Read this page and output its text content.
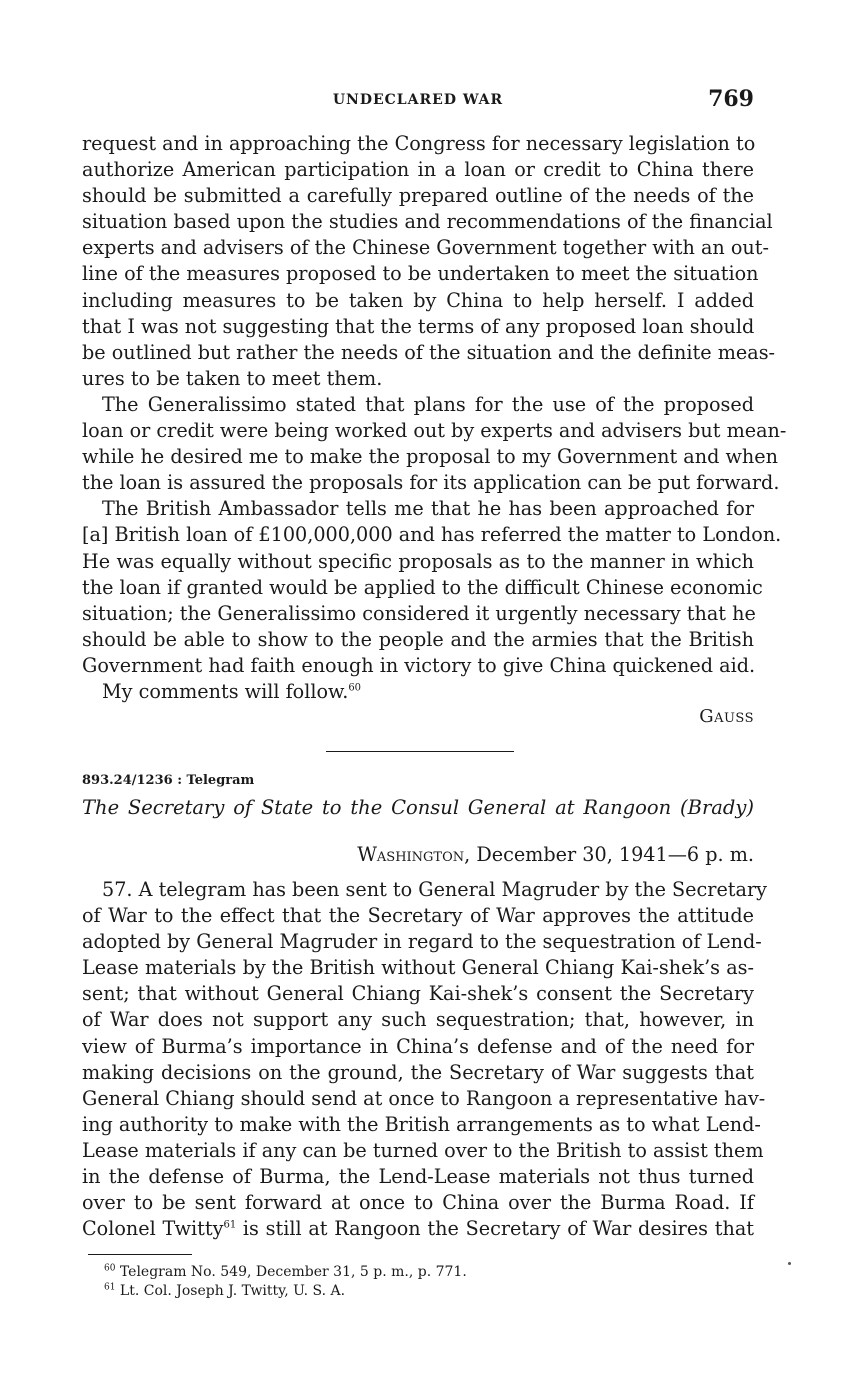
UNDECLARED WAR	769
request and in approaching the Congress for necessary legislation to
authorize American participation in a loan or credit to China there
should be submitted a carefully prepared outline of the needs of the
situation based upon the studies and recommendations of the financial
experts and advisers of the Chinese Government together with an out-
line of the measures proposed to be undertaken to meet the situation
including measures to be taken by China to help herself. I added
that I was not suggesting that the terms of any proposed loan should
be outlined but rather the needs of the situation and the definite meas-
ures to be taken to meet them.
The Generalissimo stated that plans for the use of the proposed
loan or credit were being worked out by experts and advisers but mean-
while he desired me to make the proposal to my Government and when
the loan is assured the proposals for its application can be put forward.
The British Ambassador tells me that he has been approached for
[a] British loan of £100,000,000 and has referred the matter to London.
He was equally without specific proposals as to the manner in which
the loan if granted would be applied to the difficult Chinese economic
situation; the Generalissimo considered it urgently necessary that he
should be able to show to the people and the armies that the British
Government had faith enough in victory to give China quickened aid.
My comments will follow.$^{60}$
Gauss
893.24/1236 : Telegram
The Secretary of State to the Consul General at Rangoon (Brady)
Washington, December 30, 1941—6 p. m.
57. A telegram has been sent to General Magruder by the Secretary
of War to the effect that the Secretary of War approves the attitude
adopted by General Magruder in regard to the sequestration of Lend-
Lease materials by the British without General Chiang Kai-shek’s as-
sent; that without General Chiang Kai-shek’s consent the Secretary
of War does not support any such sequestration; that, however, in
view of Burma’s importance in China’s defense and of the need for
making decisions on the ground, the Secretary of War suggests that
General Chiang should send at once to Rangoon a representative hav-
ing authority to make with the British arrangements as to what Lend-
Lease materials if any can be turned over to the British to assist them
in the defense of Burma, the Lend-Lease materials not thus turned
over to be sent forward at once to China over the Burma Road. If
Colonel Twitty$^{61}$ is still at Rangoon the Secretary of War desires that
$^{60}$ Telegram No. 549, December 31, 5 p. m., p. 771.
$^{61}$ Lt. Col. Joseph J. Twitty, U. S. A.
